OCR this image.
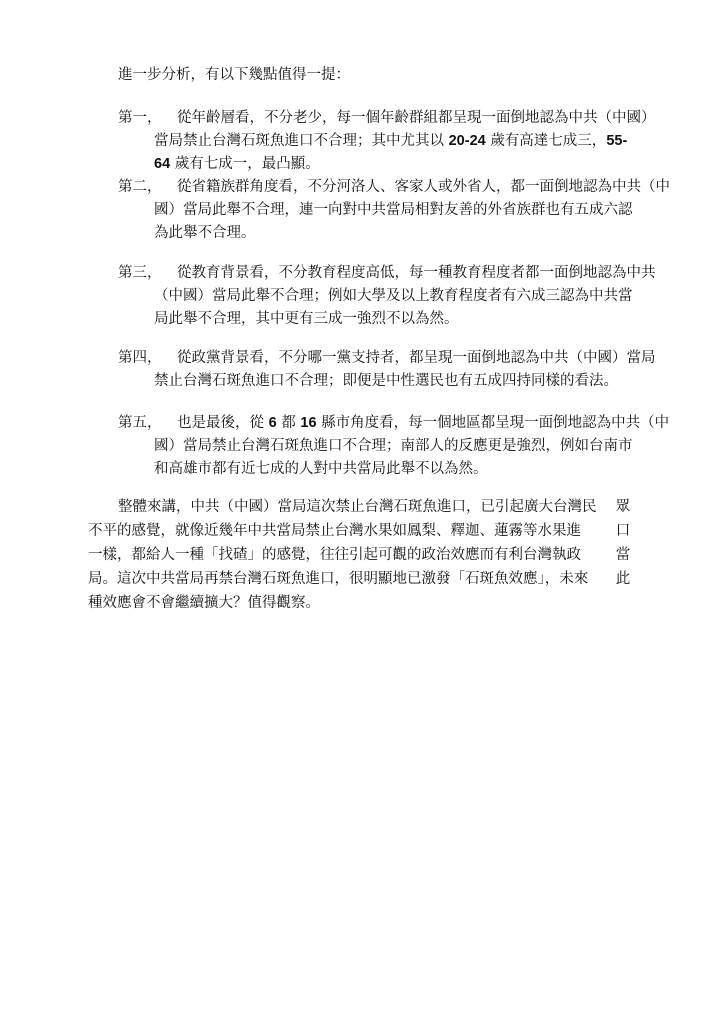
進一步分析，有以下幾點值得一提：
第一，	從年齡層看，不分老少，每一個年齡群組都呈現一面倒地認為中共（中國）
當局禁止台灣石斑魚進口不合理；其中尤其以 20-24 歲有高達七成三，55-
64 歲有七成一，最凸顯。
第二，	從省籍族群角度看，不分河洛人、客家人或外省人，都一面倒地認為中共（中
國）當局此舉不合理，連一向對中共當局相對友善的外省族群也有五成六認
為此舉不合理。
第三，	從教育背景看，不分教育程度高低，每一種教育程度者都一面倒地認為中共
（中國）當局此舉不合理；例如大學及以上教育程度者有六成三認為中共當
局此舉不合理，其中更有三成一強烈不以為然。
第四，	從政黨背景看，不分哪一黨支持者，都呈現一面倒地認為中共（中國）當局
禁止台灣石斑魚進口不合理；即便是中性選民也有五成四持同樣的看法。
第五，	也是最後，從 6 都 16 縣市角度看，每一個地區都呈現一面倒地認為中共（中
國）當局禁止台灣石斑魚進口不合理；南部人的反應更是強烈，例如台南市
和高雄市都有近七成的人對中共當局此舉不以為然。
整體來講，中共（中國）當局這次禁止台灣石斑魚進口，已引起廣大台灣民
不平的感覺，就像近幾年中共當局禁止台灣水果如鳳梨、釋迦、蓮霧等水果進
一樣，都給人一種「找碴」的感覺，往往引起可觀的政治效應而有利台灣執政
局。這次中共當局再禁台灣石斑魚進口，很明顯地已激發「石斑魚效應」，未來
種效應會不會繼續擴大？值得觀察。
眾
口
當
此
